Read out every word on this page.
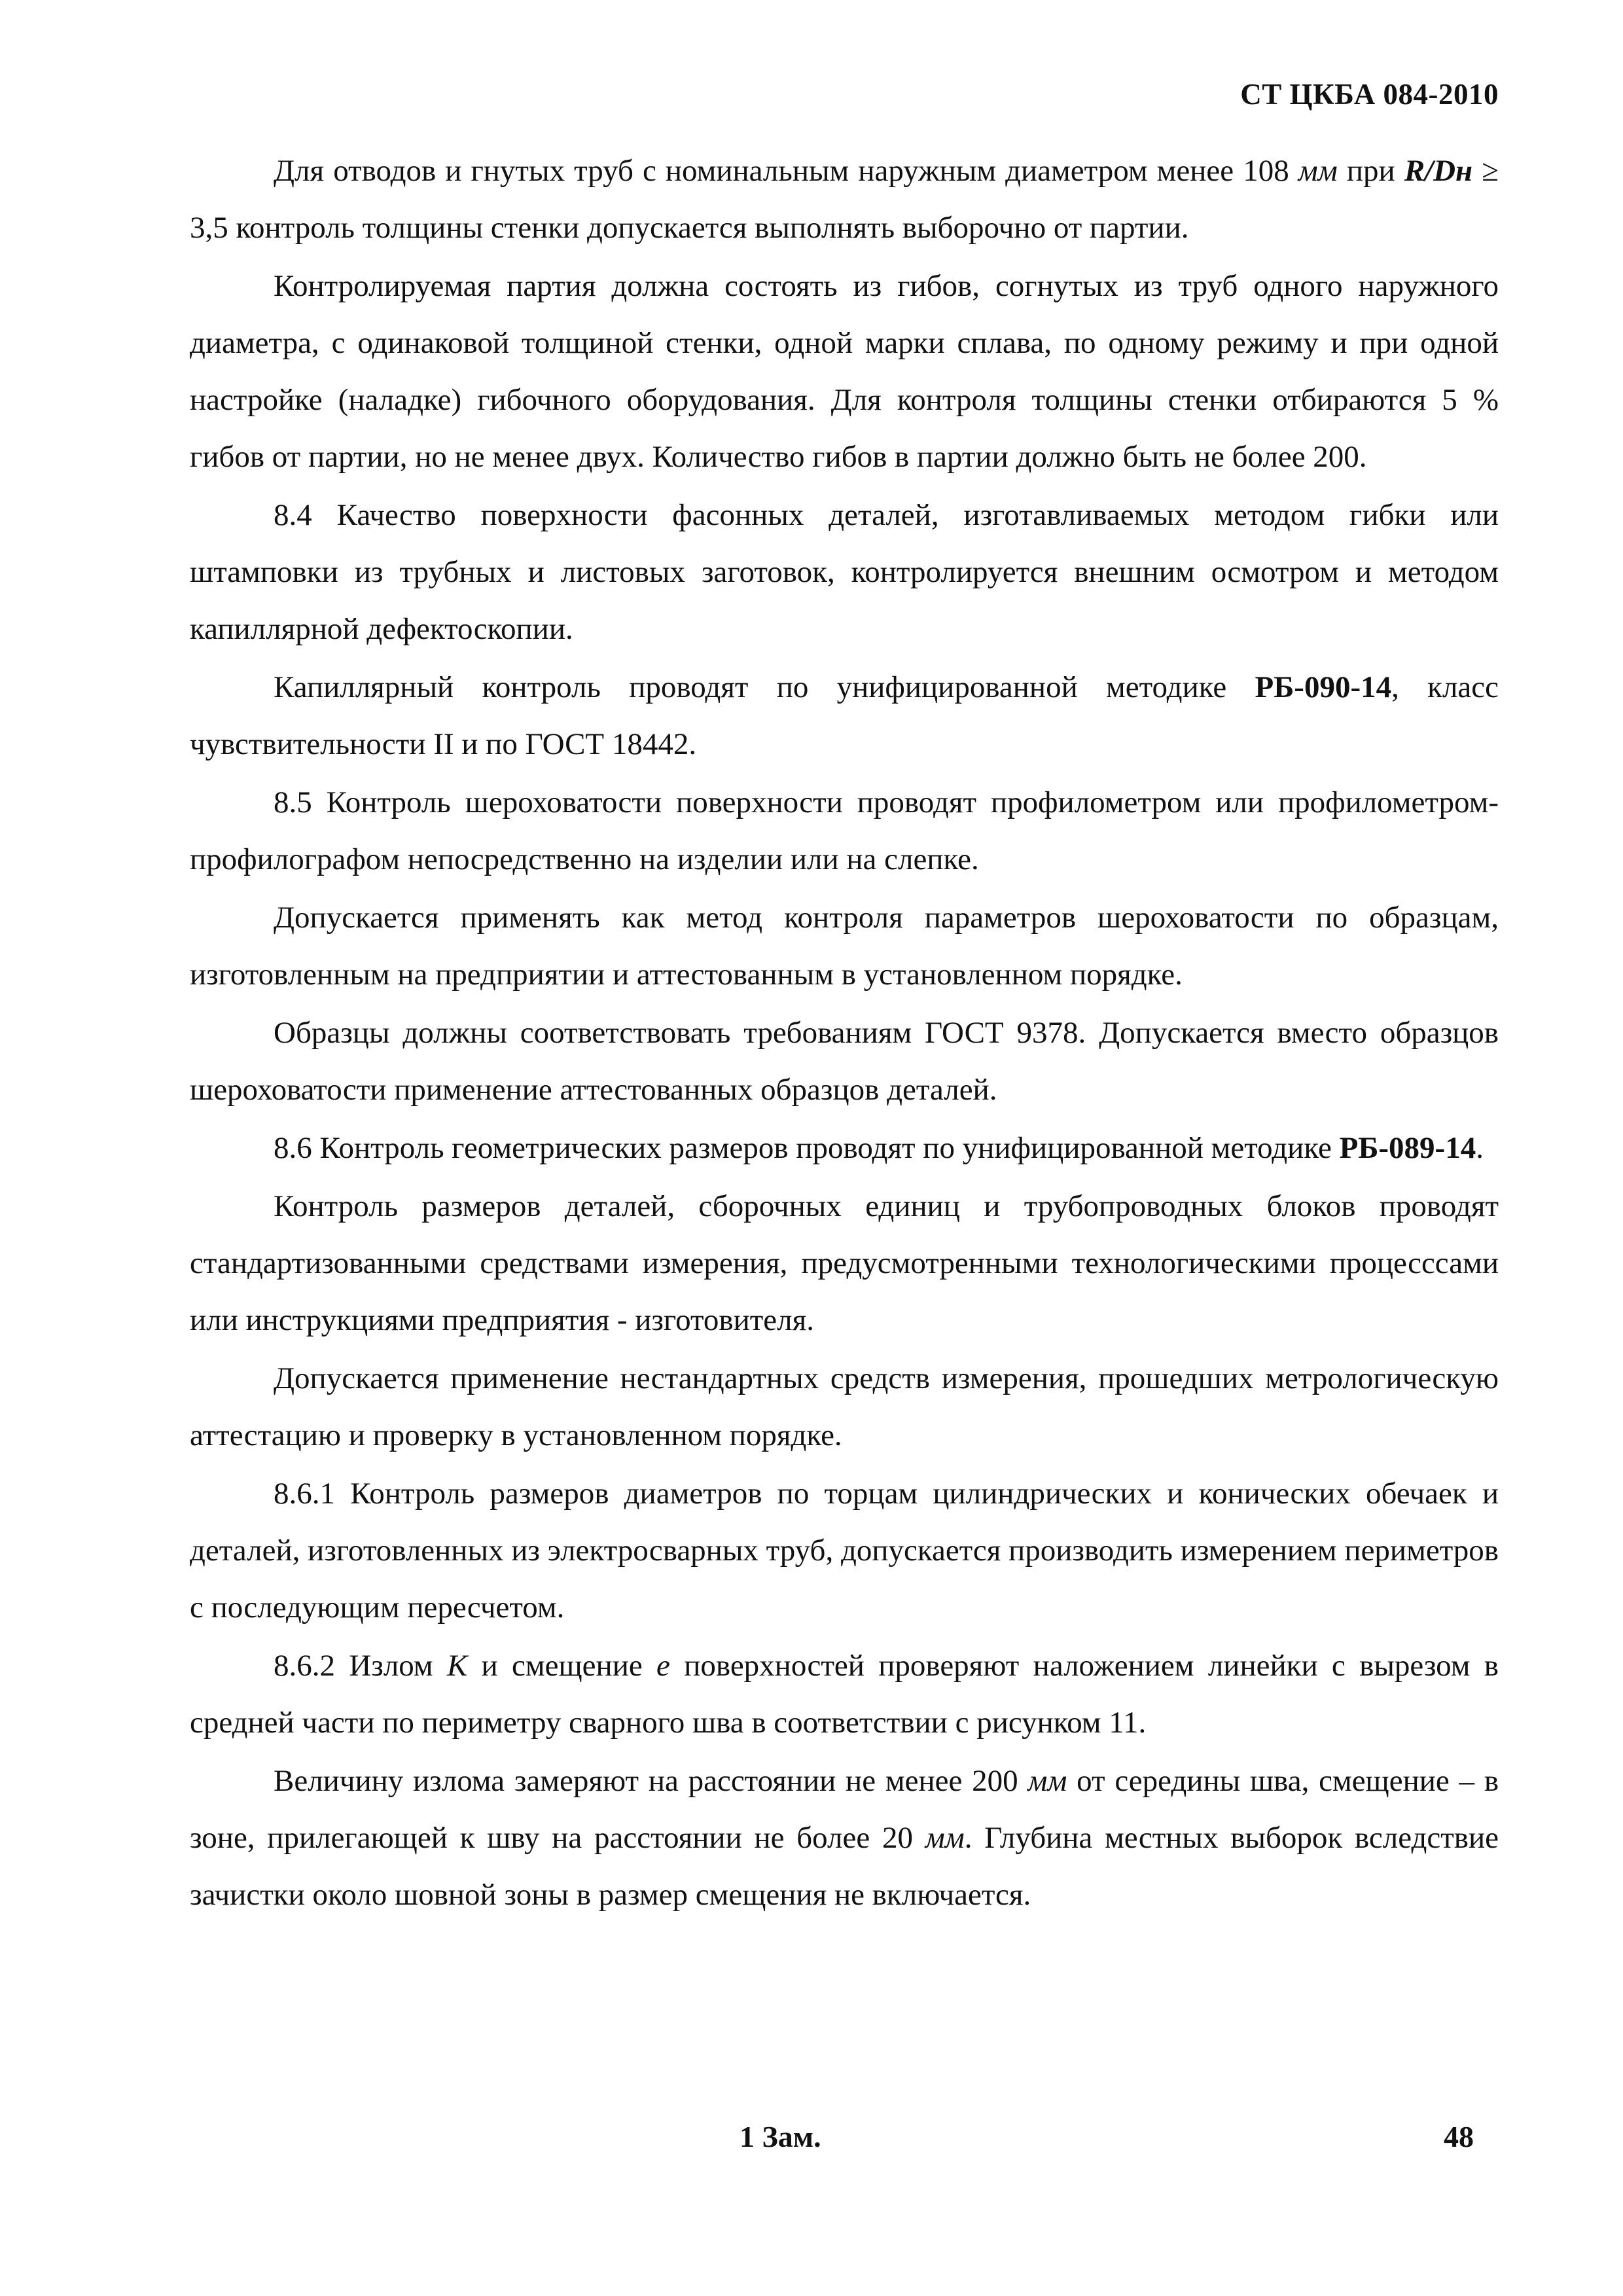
СТ ЦКБА 084-2010

Для отводов и гнутых труб с номинальным наружным диаметром менее 108 мм при R/Dн ≥ 3,5 контроль толщины стенки допускается выполнять выборочно от партии.

Контролируемая партия должна состоять из гибов, согнутых из труб одного наружного диаметра, с одинаковой толщиной стенки, одной марки сплава, по одному режиму и при одной настройке (наладке) гибочного оборудования. Для контроля толщины стенки отбираются 5 % гибов от партии, но не менее двух. Количество гибов в партии должно быть не более 200.

8.4 Качество поверхности фасонных деталей, изготавливаемых методом гибки или штамповки из трубных и листовых заготовок, контролируется внешним осмотром и методом капиллярной дефектоскопии.

Капиллярный контроль проводят по унифицированной методике РБ-090-14, класс чувствительности II и по ГОСТ 18442.

8.5 Контроль шероховатости поверхности проводят профилометром или профилометром-профилографом непосредственно на изделии или на слепке.

Допускается применять как метод контроля параметров шероховатости по образцам, изготовленным на предприятии и аттестованным в установленном порядке.

Образцы должны соответствовать требованиям ГОСТ 9378. Допускается вместо образцов шероховатости применение аттестованных образцов деталей.

8.6 Контроль геометрических размеров проводят по унифицированной методике РБ-089-14.

Контроль размеров деталей, сборочных единиц и трубопроводных блоков проводят стандартизованными средствами измерения, предусмотренными технологическими процесссами или инструкциями предприятия - изготовителя.

Допускается применение нестандартных средств измерения, прошедших метрологическую аттестацию и проверку в установленном порядке.

8.6.1 Контроль размеров диаметров по торцам цилиндрических и конических обечаек и деталей, изготовленных из электросварных труб, допускается производить измерением периметров с последующим пересчетом.

8.6.2 Излом К и смещение е поверхностей проверяют наложением линейки с вырезом в средней части по периметру сварного шва в соответствии с рисунком 11.

Величину излома замеряют на расстоянии не менее 200 мм от середины шва, смещение – в зоне, прилегающей к шву на расстоянии не более 20 мм. Глубина местных выборок вследствие зачистки около шовной зоны в размер смещения не включается.

1 Зам.	48
